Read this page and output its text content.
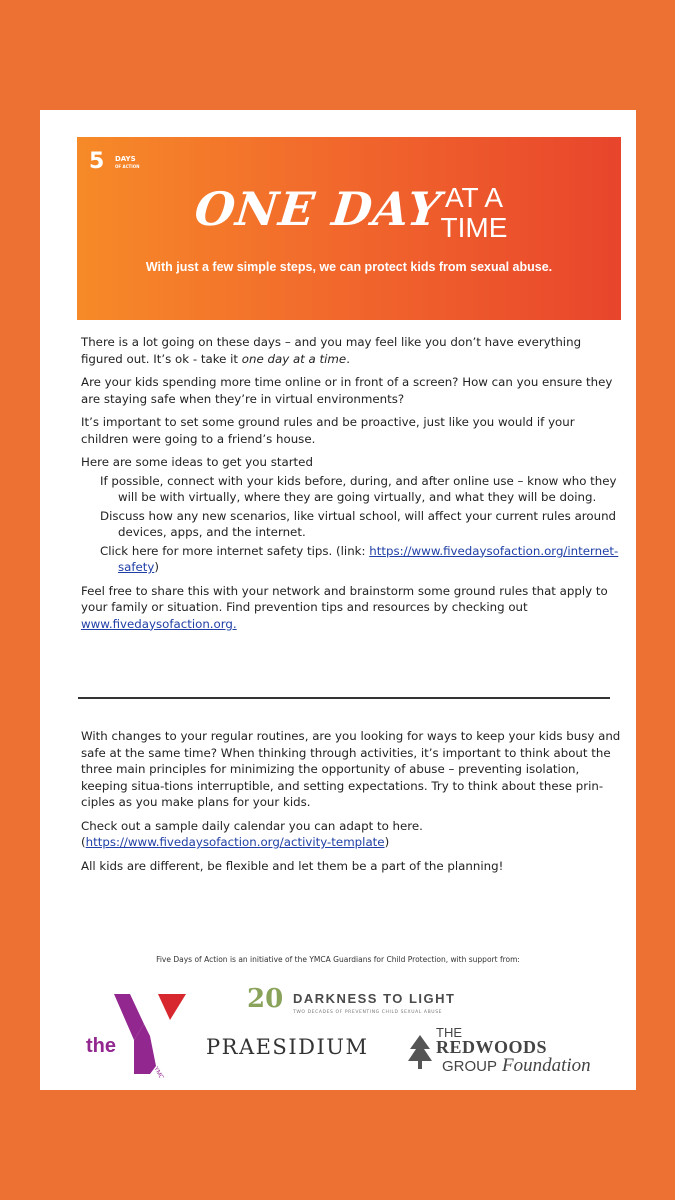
5 DAYS
OF ACTION
ONE DAY AT A
TIME
With just a few simple steps, we can protect kids from sexual abuse.

There is a lot going on these days – and you may feel like you don’t have everything figured out. It’s ok - take it one day at a time.

Are your kids spending more time online or in front of a screen? How can you ensure they are staying safe when they’re in virtual environments?

It’s important to set some ground rules and be proactive, just like you would if your children were going to a friend’s house.

Here are some ideas to get you started

If possible, connect with your kids before, during, and after online use – know who they will be with virtually, where they are going virtually, and what they will be doing.
Discuss how any new scenarios, like virtual school, will affect your current rules around devices, apps, and the internet.
Click here for more internet safety tips. (link: https://www.fivedaysofaction.org/internet-safety)

Feel free to share this with your network and brainstorm some ground rules that apply to your family or situation. Find prevention tips and resources by checking out www.fivedaysofaction.org.

With changes to your regular routines, are you looking for ways to keep your kids busy and safe at the same time? When thinking through activities, it’s important to think about the three main principles for minimizing the opportunity of abuse – preventing isolation, keeping situa-tions interruptible, and setting expectations. Try to think about these prin-ciples as you make plans for your kids.

Check out a sample daily calendar you can adapt to here. (https://www.fivedaysofaction.org/activity-template)

All kids are different, be flexible and let them be a part of the planning!

Five Days of Action is an initiative of the YMCA Guardians for Child Protection, with support from:
the
YMCA
20 DARKNESS TO LIGHT
TWO DECADES OF PREVENTING CHILD SEXUAL ABUSE
PRAESIDIUM
THE
REDWOODS
GROUP Foundation
